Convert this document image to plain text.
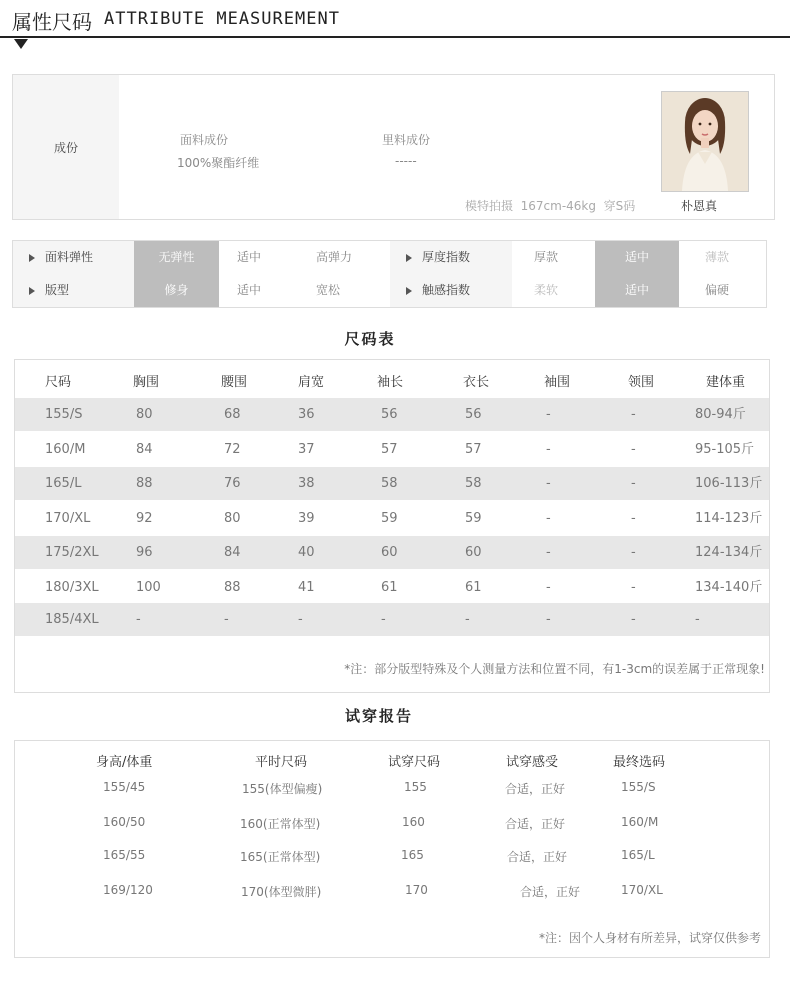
属性尺码 ATTRIBUTE MEASUREMENT
成份
面料成份
100%聚酯纤维
里料成份
-----
模特拍摄  167cm-46kg  穿S码	朴恩真
面料弹性	无弹性	适中	高弹力	厚度指数	厚款	适中	薄款
版型	修身	适中	宽松	触感指数	柔软	适中	偏硬
尺码表
尺码	胸围	腰围	肩宽	袖长	衣长	袖围	领围	建体重
155/S	80	68	36	56	56	-	-	80-94斤
160/M	84	72	37	57	57	-	-	95-105斤
165/L	88	76	38	58	58	-	-	106-113斤
170/XL	92	80	39	59	59	-	-	114-123斤
175/2XL	96	84	40	60	60	-	-	124-134斤
180/3XL	100	88	41	61	61	-	-	134-140斤
185/4XL	-	-	-	-	-	-	-	-
*注：部分版型特殊及个人测量方法和位置不同，有1-3cm的误差属于正常现象!
试穿报告
身高/体重	平时尺码	试穿尺码	试穿感受	最终选码
155/45	155(体型偏瘦)	155	合适，正好	155/S
160/50	160(正常体型)	160	合适，正好	160/M
165/55	165(正常体型)	165	合适，正好	165/L
169/120	170(体型微胖)	170	合适，正好	170/XL
*注：因个人身材有所差异，试穿仅供参考
